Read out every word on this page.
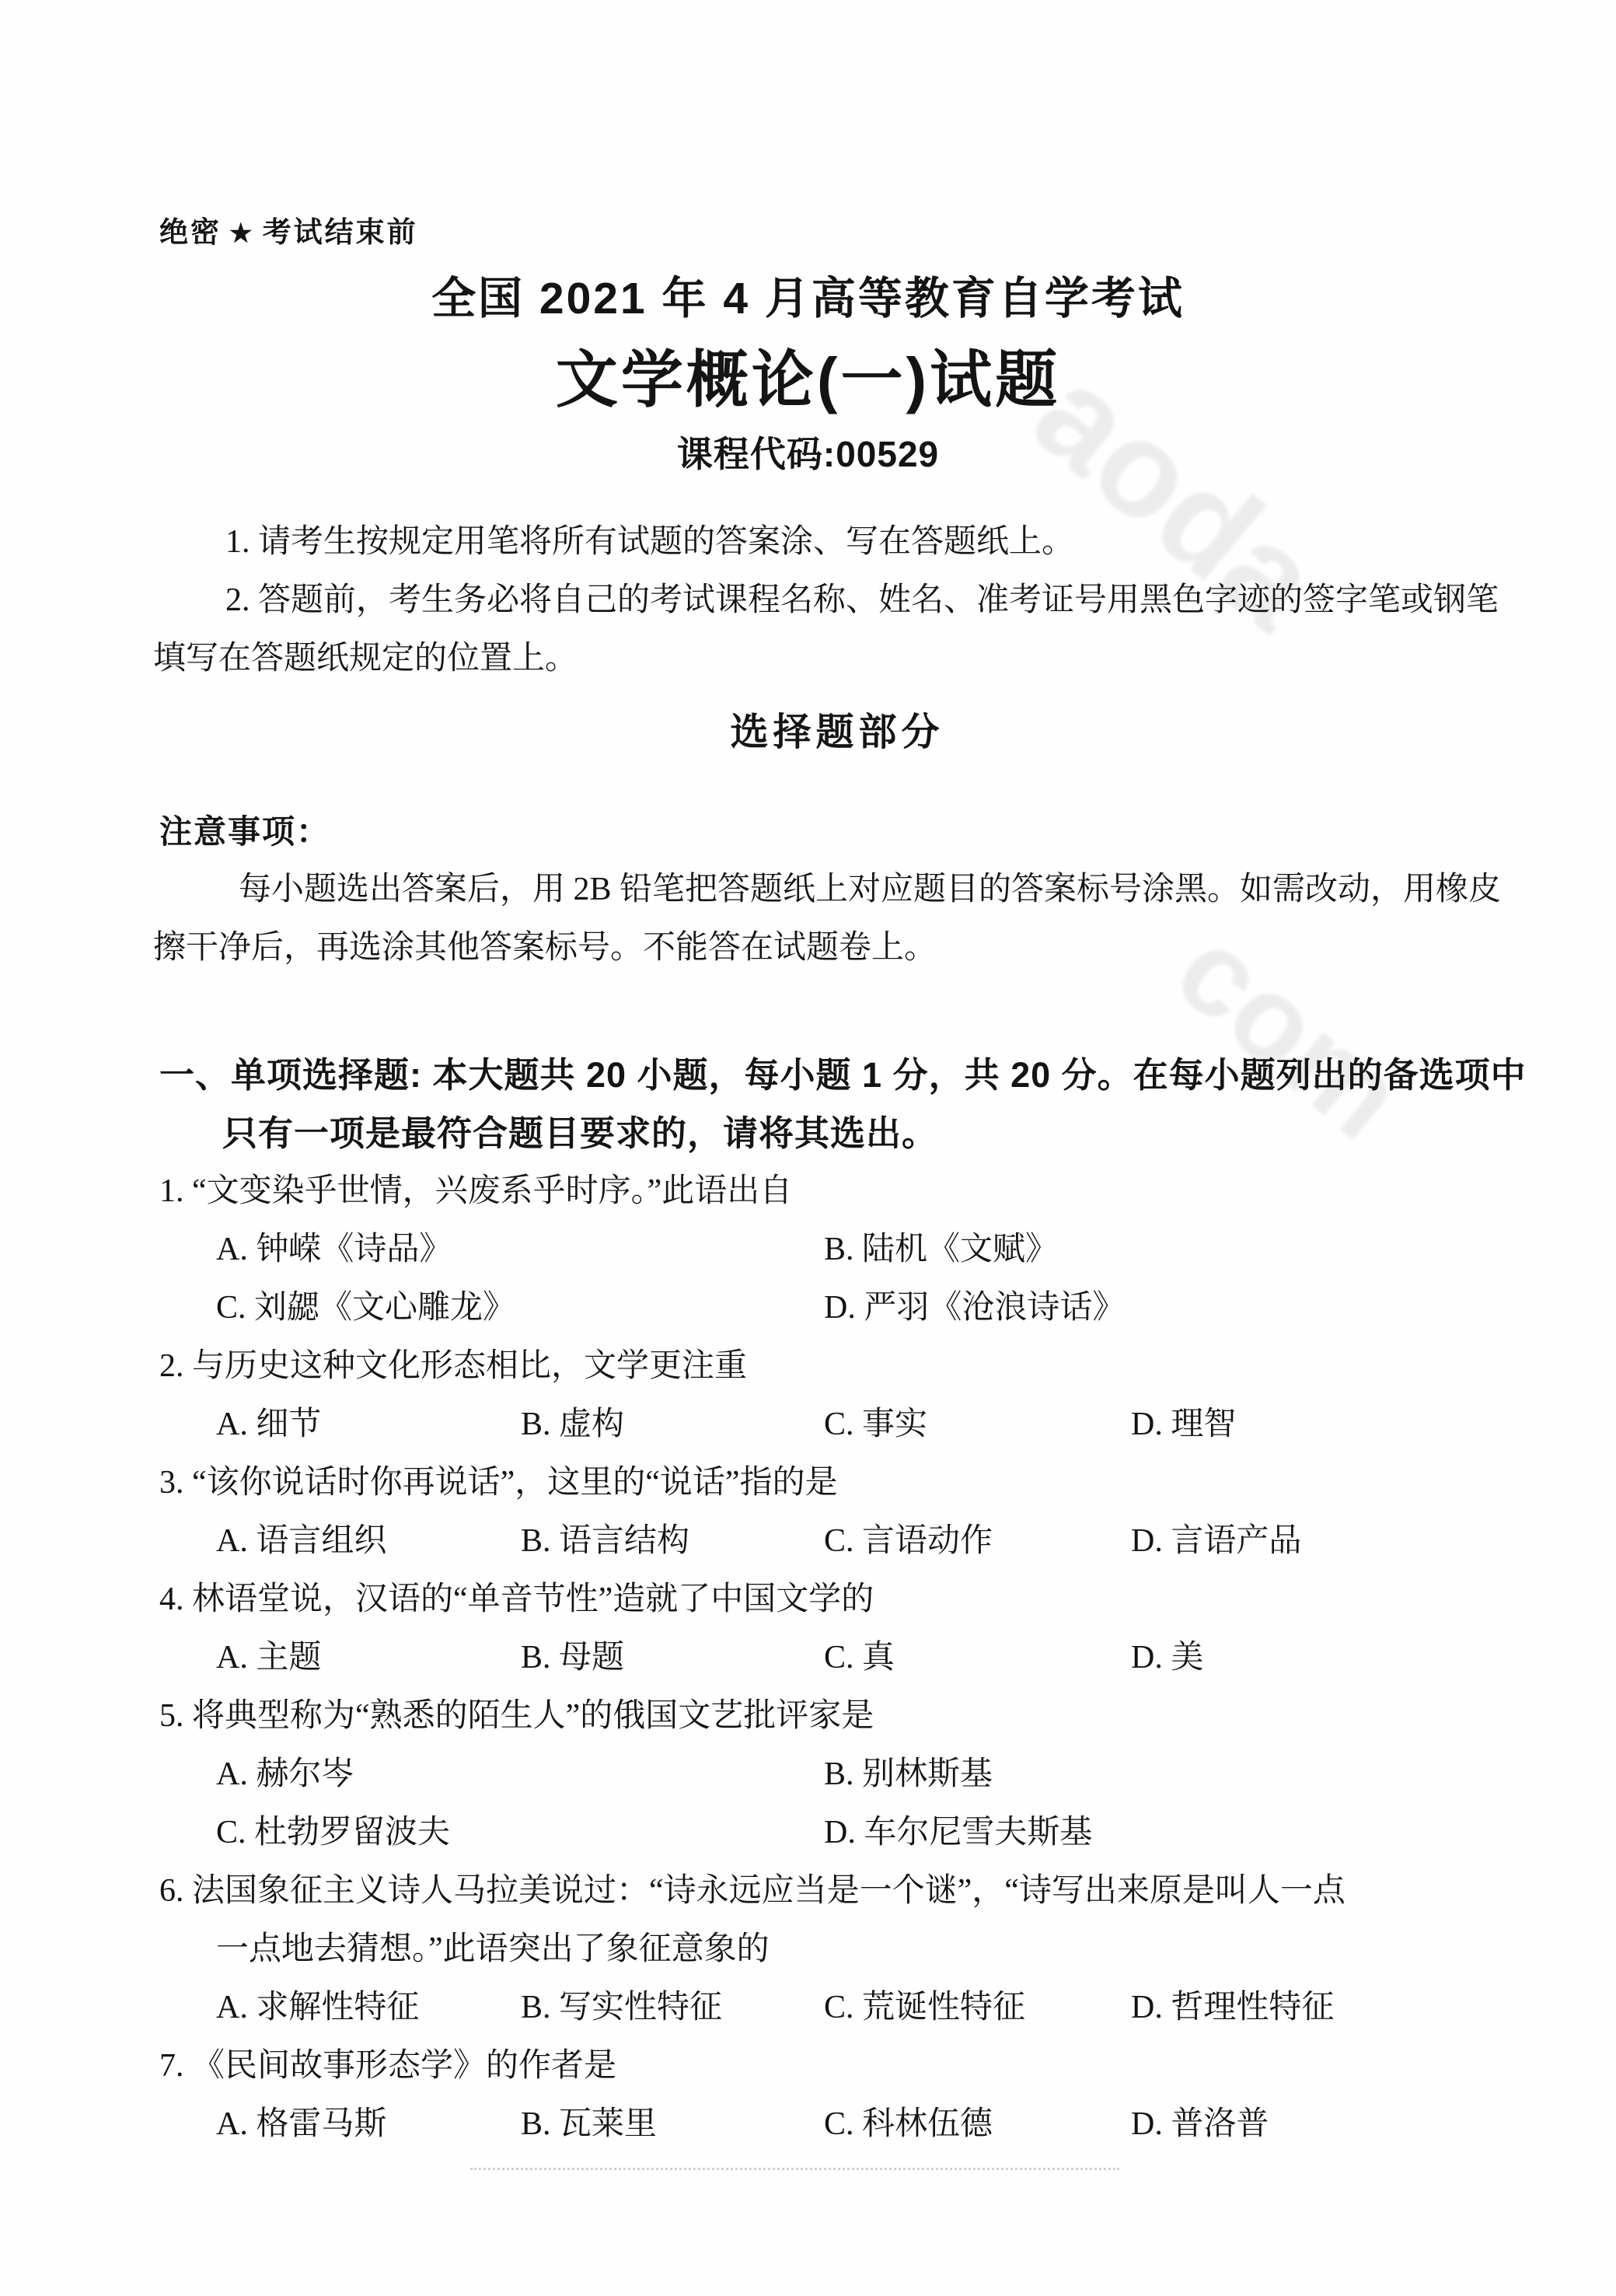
aoda
com
绝密 ★ 考试结束前
全国 2021 年 4 月高等教育自学考试
文学概论(一)试题
课程代码:00529
1. 请考生按规定用笔将所有试题的答案涂、写在答题纸上。
2. 答题前，考生务必将自己的考试课程名称、姓名、准考证号用黑色字迹的签字笔或钢笔
填写在答题纸规定的位置上。
选择题部分
注意事项：
每小题选出答案后，用 2B 铅笔把答题纸上对应题目的答案标号涂黑。如需改动，用橡皮
擦干净后，再选涂其他答案标号。不能答在试题卷上。
一、单项选择题: 本大题共 20 小题，每小题 1 分，共 20 分。在每小题列出的备选项中
只有一项是最符合题目要求的，请将其选出。
1. “文变染乎世情，兴废系乎时序。”此语出自
A. 钟嵘《诗品》	B. 陆机《文赋》
C. 刘勰《文心雕龙》	D. 严羽《沧浪诗话》
2. 与历史这种文化形态相比，文学更注重
A. 细节	B. 虚构	C. 事实	D. 理智
3. “该你说话时你再说话”，这里的“说话”指的是
A. 语言组织	B. 语言结构	C. 言语动作	D. 言语产品
4. 林语堂说，汉语的“单音节性”造就了中国文学的
A. 主题	B. 母题	C. 真	D. 美
5. 将典型称为“熟悉的陌生人”的俄国文艺批评家是
A. 赫尔岑	B. 别林斯基
C. 杜勃罗留波夫	D. 车尔尼雪夫斯基
6. 法国象征主义诗人马拉美说过：“诗永远应当是一个谜”，“诗写出来原是叫人一点
一点地去猜想。”此语突出了象征意象的
A. 求解性特征	B. 写实性特征	C. 荒诞性特征	D. 哲理性特征
7. 《民间故事形态学》的作者是
A. 格雷马斯	B. 瓦莱里	C. 科林伍德	D. 普洛普
